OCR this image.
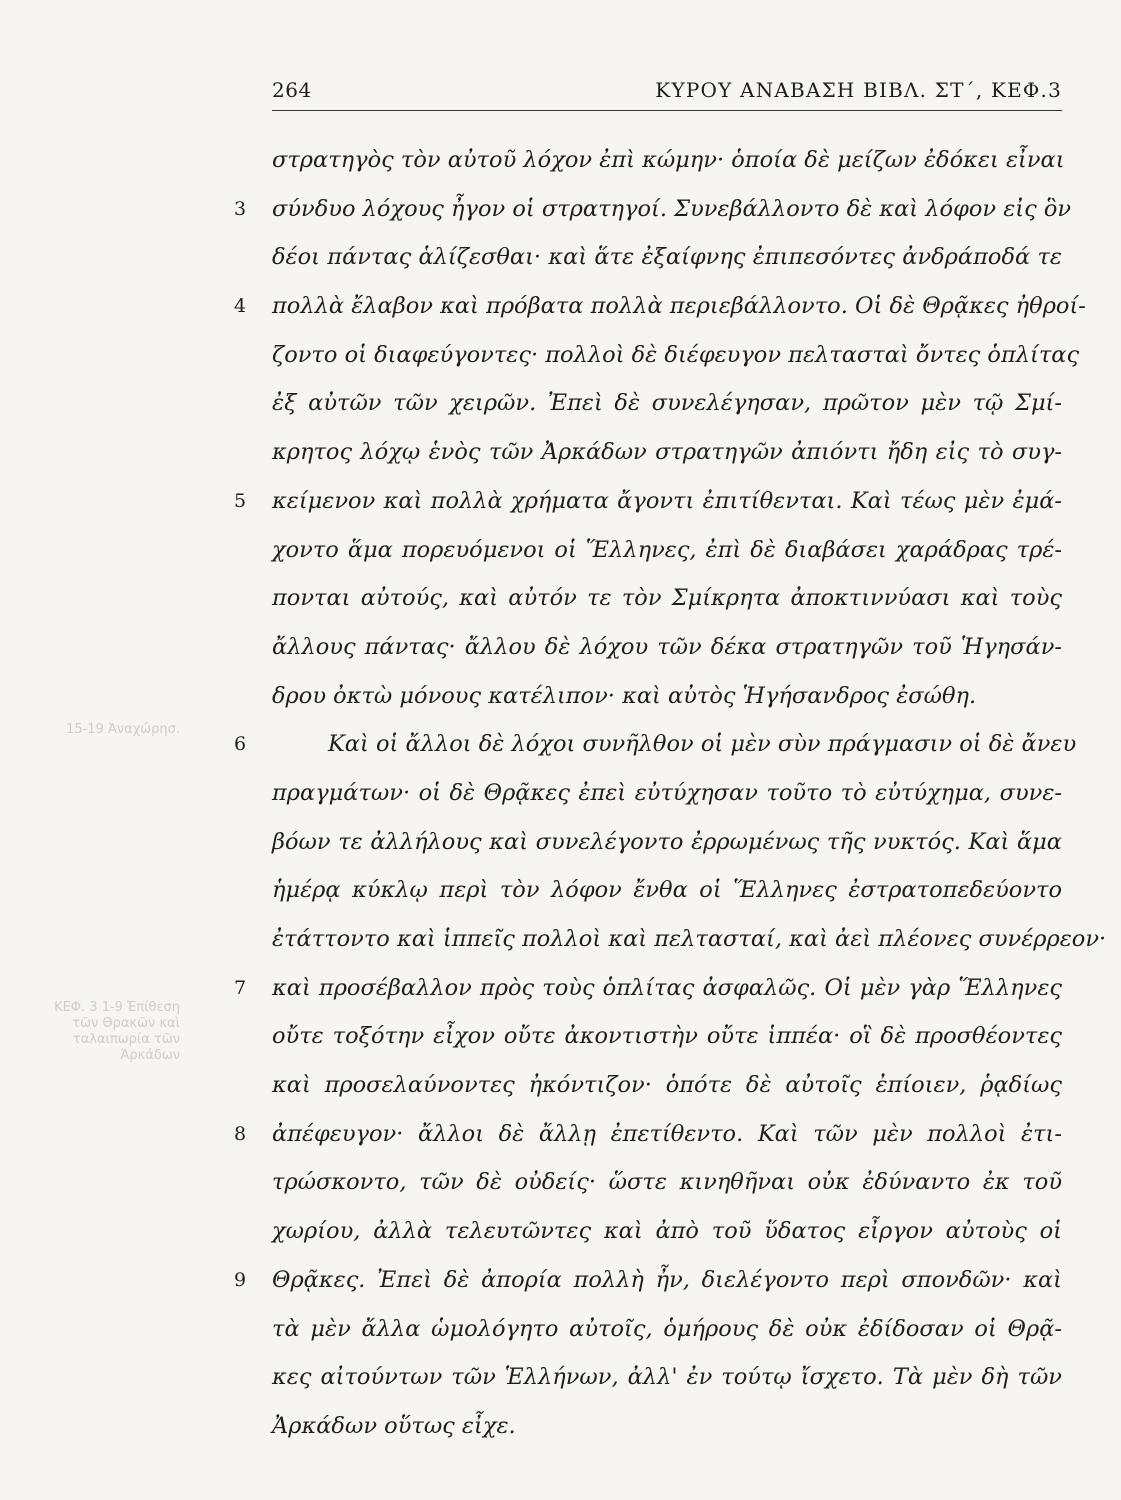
15-19 Ἀναχώρησ.
ΚΕΦ. 3 1-9 Ἐπίθεση τῶν Θρακῶν καὶ ταλαιπωρία τῶν Ἀρκάδων
264	ΚΥΡΟΥ ΑΝΑΒΑΣΗ ΒΙΒΛ. ΣΤ΄, ΚΕΦ.3
στρατηγὸς τὸν αὐτοῦ λόχον ἐπὶ κώμην· ὁποία δὲ μείζων ἐδόκει εἶναι
3	σύνδυο λόχους ἦγον οἱ στρατηγοί. Συνεβάλλοντο δὲ καὶ λόφον εἰς ὃν
δέοι πάντας ἁλίζεσθαι· καὶ ἅτε ἐξαίφνης ἐπιπεσόντες ἀνδράποδά τε
4	πολλὰ ἔλαβον καὶ πρόβατα πολλὰ περιεβάλλοντο. Οἱ δὲ Θρᾷκες ἠθροί-
ζοντο οἱ διαφεύγοντες· πολλοὶ δὲ διέφευγον πελτασταὶ ὄντες ὁπλίτας
ἐξ αὐτῶν τῶν χειρῶν. Ἐπεὶ δὲ συνελέγησαν, πρῶτον μὲν τῷ Σμί-
κρητος λόχῳ ἑνὸς τῶν Ἀρκάδων στρατηγῶν ἀπιόντι ἤδη εἰς τὸ συγ-
5	κείμενον καὶ πολλὰ χρήματα ἄγοντι ἐπιτίθενται. Καὶ τέως μὲν ἐμά-
χοντο ἅμα πορευόμενοι οἱ Ἕλληνες, ἐπὶ δὲ διαβάσει χαράδρας τρέ-
πονται αὐτούς, καὶ αὐτόν τε τὸν Σμίκρητα ἀποκτιννύασι καὶ τοὺς
ἄλλους πάντας· ἄλλου δὲ λόχου τῶν δέκα στρατηγῶν τοῦ Ἡγησάν-
δρου ὀκτὼ μόνους κατέλιπον· καὶ αὐτὸς Ἡγήσανδρος ἐσώθη.
6	Καὶ οἱ ἄλλοι δὲ λόχοι συνῆλθον οἱ μὲν σὺν πράγμασιν οἱ δὲ ἄνευ
πραγμάτων· οἱ δὲ Θρᾷκες ἐπεὶ εὐτύχησαν τοῦτο τὸ εὐτύχημα, συνε-
βόων τε ἀλλήλους καὶ συνελέγοντο ἐρρωμένως τῆς νυκτός. Καὶ ἅμα
ἡμέρᾳ κύκλῳ περὶ τὸν λόφον ἔνθα οἱ Ἕλληνες ἐστρατοπεδεύοντο
ἐτάττοντο καὶ ἱππεῖς πολλοὶ καὶ πελτασταί, καὶ ἀεὶ πλέονες συνέρρεον·
7	καὶ προσέβαλλον πρὸς τοὺς ὁπλίτας ἀσφαλῶς. Οἱ μὲν γὰρ Ἕλληνες
οὔτε τοξότην εἶχον οὔτε ἀκοντιστὴν οὔτε ἱππέα· οἳ δὲ προσθέοντες
καὶ προσελαύνοντες ἠκόντιζον· ὁπότε δὲ αὐτοῖς ἐπίοιεν, ῥᾳδίως
8	ἀπέφευγον· ἄλλοι δὲ ἄλλῃ ἐπετίθεντο. Καὶ τῶν μὲν πολλοὶ ἐτι-
τρώσκοντο, τῶν δὲ οὐδείς· ὥστε κινηθῆναι οὐκ ἐδύναντο ἐκ τοῦ
χωρίου, ἀλλὰ τελευτῶντες καὶ ἀπὸ τοῦ ὕδατος εἶργον αὐτοὺς οἱ
9	Θρᾷκες. Ἐπεὶ δὲ ἀπορία πολλὴ ἦν, διελέγοντο περὶ σπονδῶν· καὶ
τὰ μὲν ἄλλα ὡμολόγητο αὐτοῖς, ὁμήρους δὲ οὐκ ἐδίδοσαν οἱ Θρᾷ-
κες αἰτούντων τῶν Ἑλλήνων, ἀλλ' ἐν τούτῳ ἴσχετο. Τὰ μὲν δὴ τῶν
Ἀρκάδων οὕτως εἶχε.
